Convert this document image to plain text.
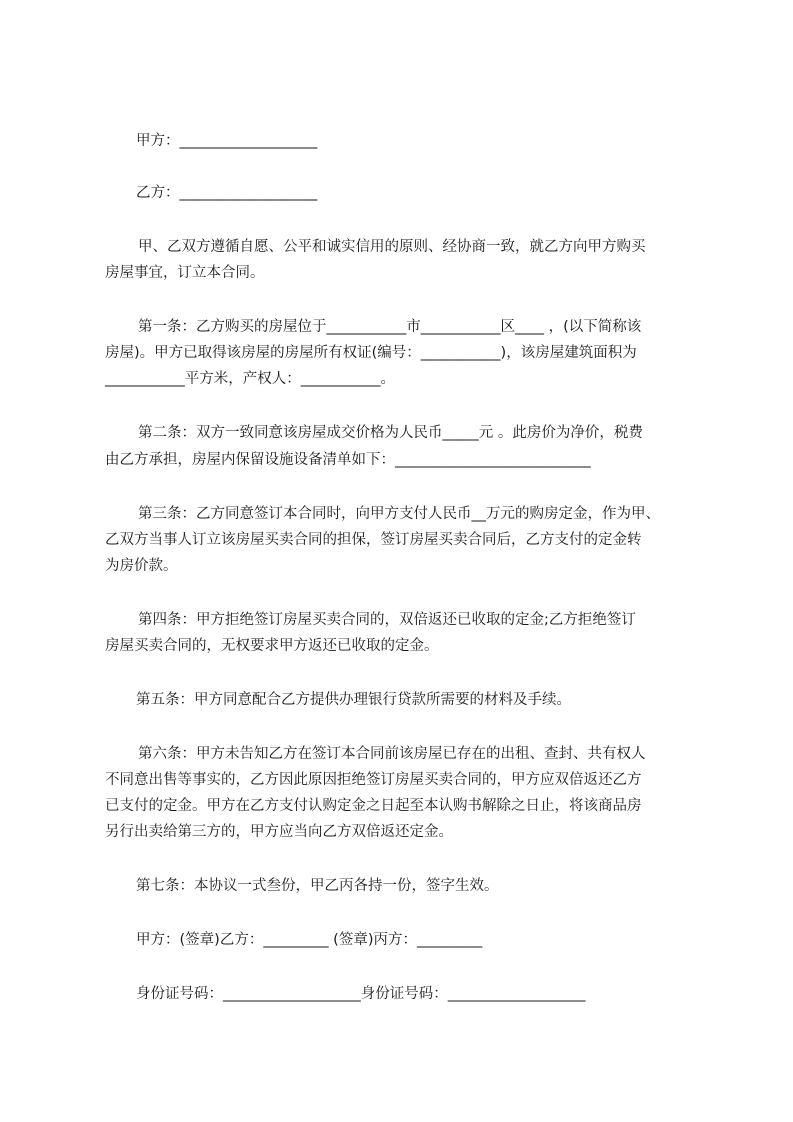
甲方：___________________
乙方：___________________
甲、乙双方遵循自愿、公平和诚实信用的原则、经协商一致，就乙方向甲方购买
房屋事宜，订立本合同。
第一条：乙方购买的房屋位于___________市___________区____ ，(以下简称该
房屋)。甲方已取得该房屋的房屋所有权证(编号：___________)，该房屋建筑面积为
___________平方米，产权人：___________。
第二条：双方一致同意该房屋成交价格为人民币_____元 。此房价为净价，税费
由乙方承担，房屋内保留设施设备清单如下：___________________________
第三条：乙方同意签订本合同时，向甲方支付人民币__万元的购房定金，作为甲、
乙双方当事人订立该房屋买卖合同的担保，签订房屋买卖合同后，乙方支付的定金转
为房价款。
第四条：甲方拒绝签订房屋买卖合同的，双倍返还已收取的定金;乙方拒绝签订
房屋买卖合同的，无权要求甲方返还已收取的定金。
第五条：甲方同意配合乙方提供办理银行贷款所需要的材料及手续。
第六条：甲方未告知乙方在签订本合同前该房屋已存在的出租、查封、共有权人
不同意出售等事实的，乙方因此原因拒绝签订房屋买卖合同的，甲方应双倍返还乙方
已支付的定金。甲方在乙方支付认购定金之日起至本认购书解除之日止，将该商品房
另行出卖给第三方的，甲方应当向乙方双倍返还定金。
第七条：本协议一式叁份，甲乙丙各持一份，签字生效。
甲方：(签章)乙方：_________ (签章)丙方：_________
身份证号码：___________________身份证号码：___________________
